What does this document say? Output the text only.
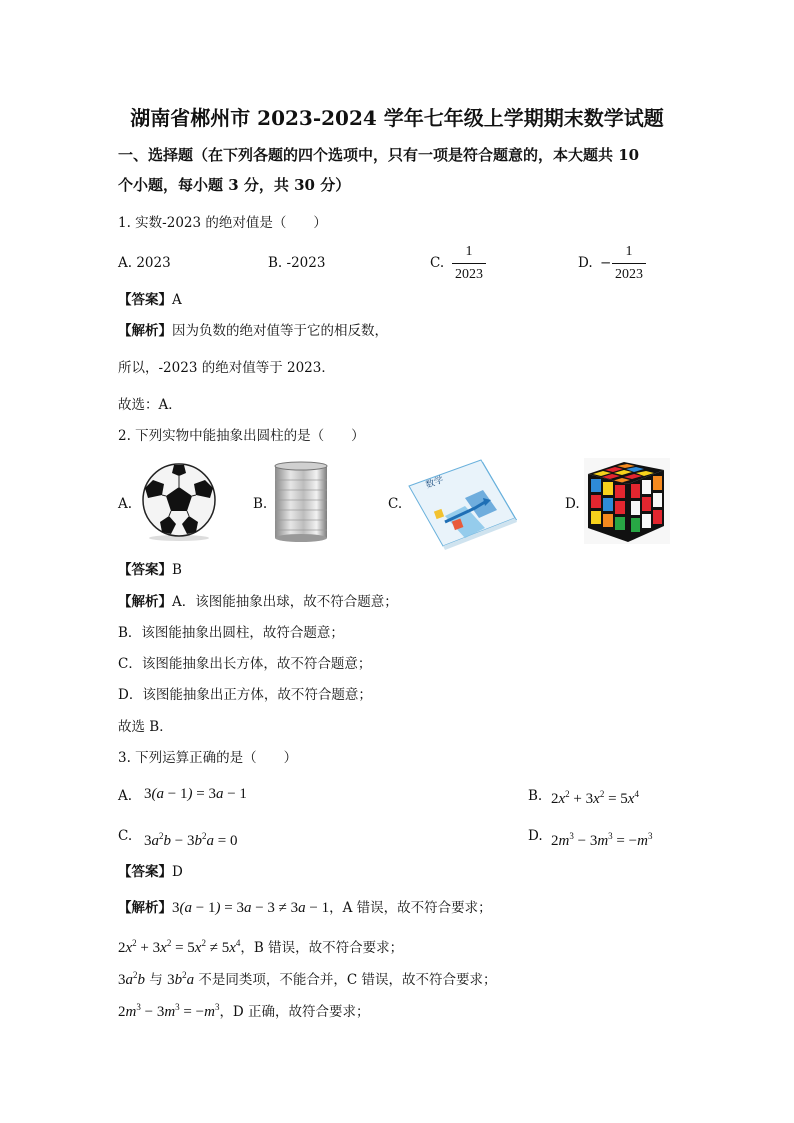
湖南省郴州市 2023-2024 学年七年级上学期期末数学试题
一、选择题（在下列各题的四个选项中，只有一项是符合题意的，本大题共 10
个小题，每小题 3 分，共 30 分）
1. 实数-2023 的绝对值是（　　）
A. 2023	B. -2023	C.
1
2023
D. −
1
2023
【答案】A
【解析】因为负数的绝对值等于它的相反数，
所以，-2023 的绝对值等于 2023．
故选：A．
2. 下列实物中能抽象出圆柱的是（　　）
A.	B.	C.
数学
D.
【答案】B
【解析】A．该图能抽象出球，故不符合题意；
B．该图能抽象出圆柱，故符合题意；
C．该图能抽象出长方体，故不符合题意；
D．该图能抽象出正方体，故不符合题意；
故选 B．
3. 下列运算正确的是（　　）
A. 3(a − 1) = 3a − 1	B. $2x^2 + 3x^2 = 5x^4$
C. $3a^2b - 3b^2a = 0$	D. $2m^3 - 3m^3 = -m^3$
【答案】D
【解析】3(a − 1) = 3a − 3 ≠ 3a − 1，A 错误，故不符合要求；
$2x^2 + 3x^2 = 5x^2 \ne 5x^4$，B 错误，故不符合要求；
$3a^2b$ 与 $3b^2a$ 不是同类项，不能合并，C 错误，故不符合要求；
$2m^3 - 3m^3 = -m^3$，D 正确，故符合要求；
